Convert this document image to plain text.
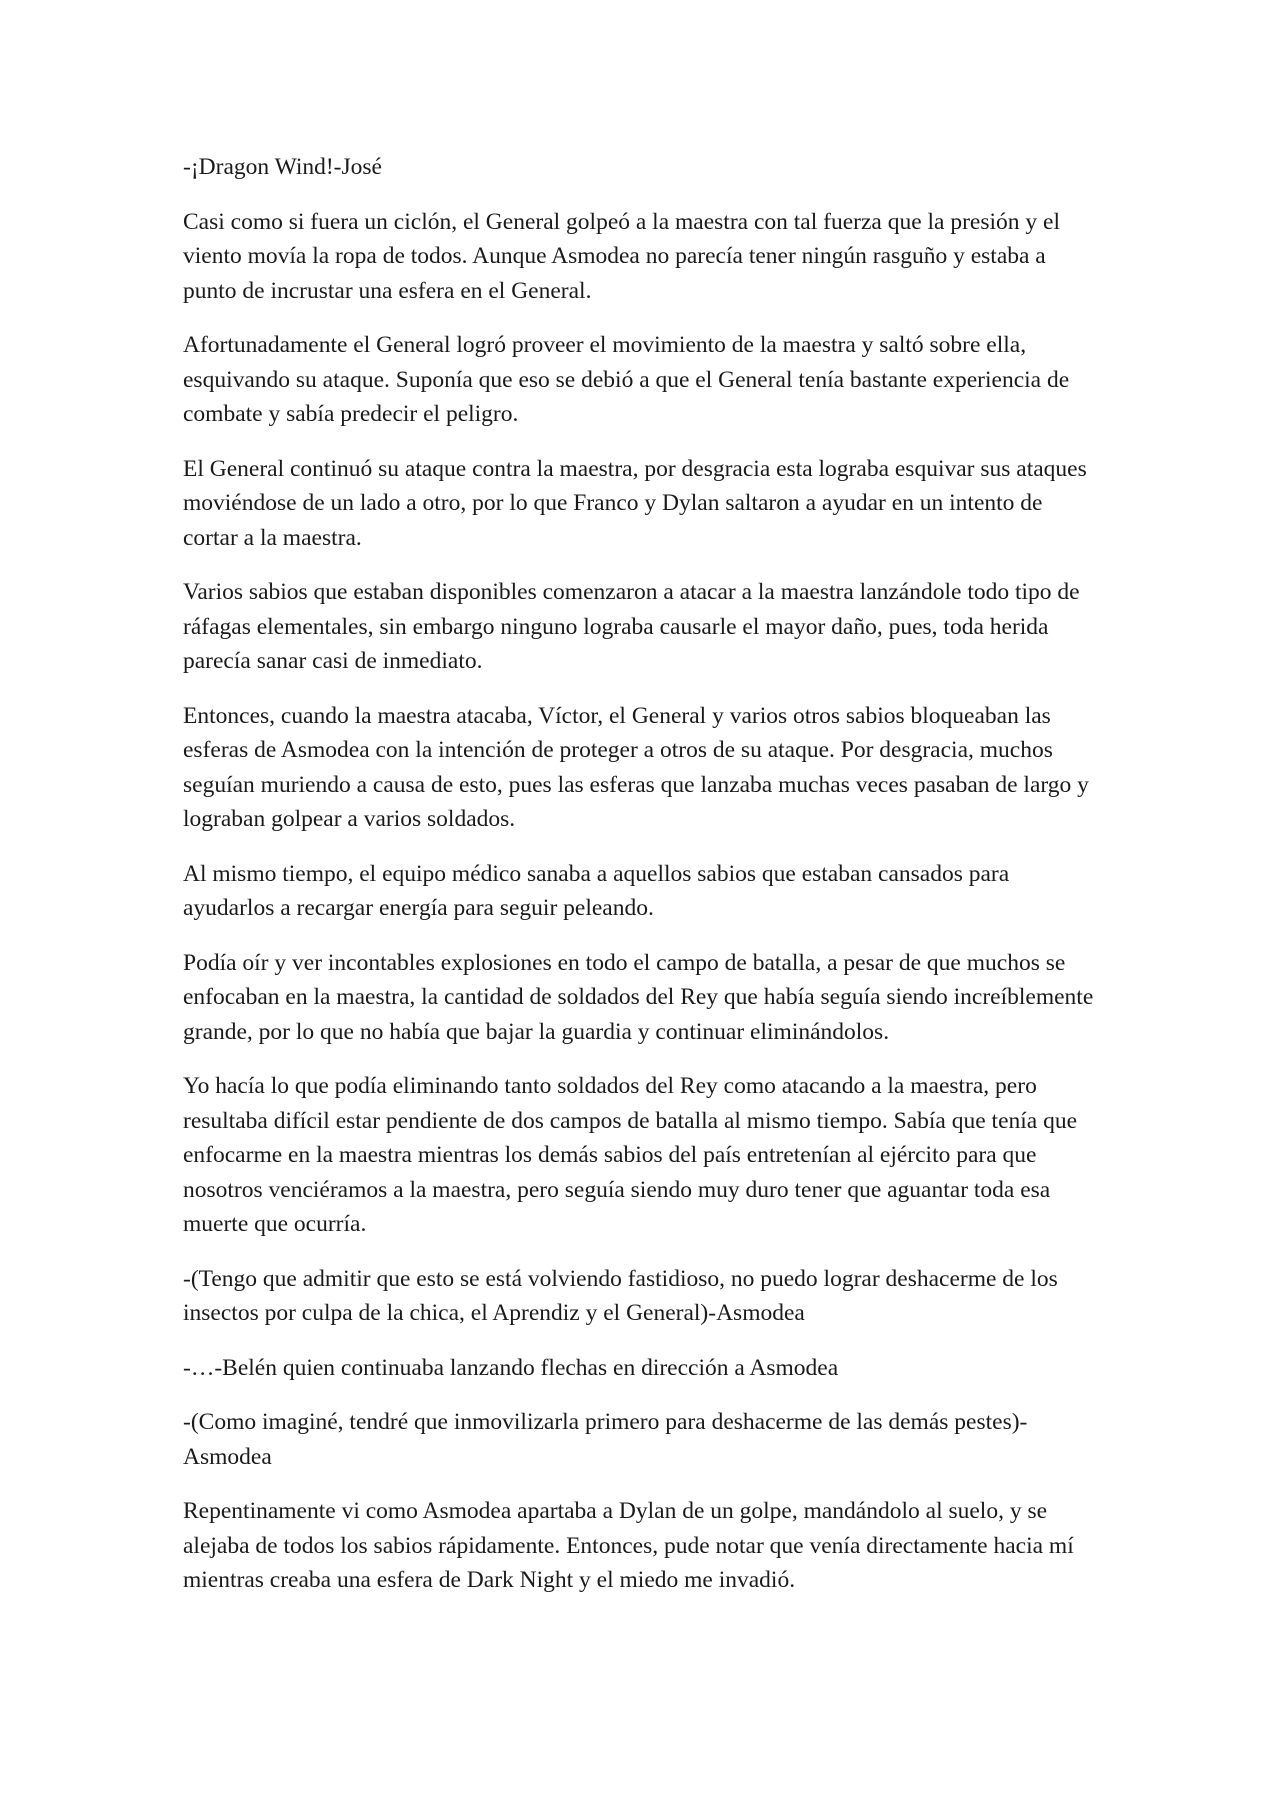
-¡Dragon Wind!-José

Casi como si fuera un ciclón, el General golpeó a la maestra con tal fuerza que la presión y el viento movía la ropa de todos. Aunque Asmodea no parecía tener ningún rasguño y estaba a punto de incrustar una esfera en el General.

Afortunadamente el General logró proveer el movimiento de la maestra y saltó sobre ella, esquivando su ataque. Suponía que eso se debió a que el General tenía bastante experiencia de combate y sabía predecir el peligro.

El General continuó su ataque contra la maestra, por desgracia esta lograba esquivar sus ataques moviéndose de un lado a otro, por lo que Franco y Dylan saltaron a ayudar en un intento de cortar a la maestra.

Varios sabios que estaban disponibles comenzaron a atacar a la maestra lanzándole todo tipo de ráfagas elementales, sin embargo ninguno lograba causarle el mayor daño, pues, toda herida parecía sanar casi de inmediato.

Entonces, cuando la maestra atacaba, Víctor, el General y varios otros sabios bloqueaban las esferas de Asmodea con la intención de proteger a otros de su ataque. Por desgracia, muchos seguían muriendo a causa de esto, pues las esferas que lanzaba muchas veces pasaban de largo y lograban golpear a varios soldados.

Al mismo tiempo, el equipo médico sanaba a aquellos sabios que estaban cansados para ayudarlos a recargar energía para seguir peleando.

Podía oír y ver incontables explosiones en todo el campo de batalla, a pesar de que muchos se enfocaban en la maestra, la cantidad de soldados del Rey que había seguía siendo increíblemente grande, por lo que no había que bajar la guardia y continuar eliminándolos.

Yo hacía lo que podía eliminando tanto soldados del Rey como atacando a la maestra, pero resultaba difícil estar pendiente de dos campos de batalla al mismo tiempo. Sabía que tenía que enfocarme en la maestra mientras los demás sabios del país entretenían al ejército para que nosotros venciéramos a la maestra, pero seguía siendo muy duro tener que aguantar toda esa muerte que ocurría.

-(Tengo que admitir que esto se está volviendo fastidioso, no puedo lograr deshacerme de los insectos por culpa de la chica, el Aprendiz y el General)-Asmodea

-…-Belén quien continuaba lanzando flechas en dirección a Asmodea

-(Como imaginé, tendré que inmovilizarla primero para deshacerme de las demás pestes)-Asmodea

Repentinamente vi como Asmodea apartaba a Dylan de un golpe, mandándolo al suelo, y se alejaba de todos los sabios rápidamente. Entonces, pude notar que venía directamente hacia mí mientras creaba una esfera de Dark Night y el miedo me invadió.
